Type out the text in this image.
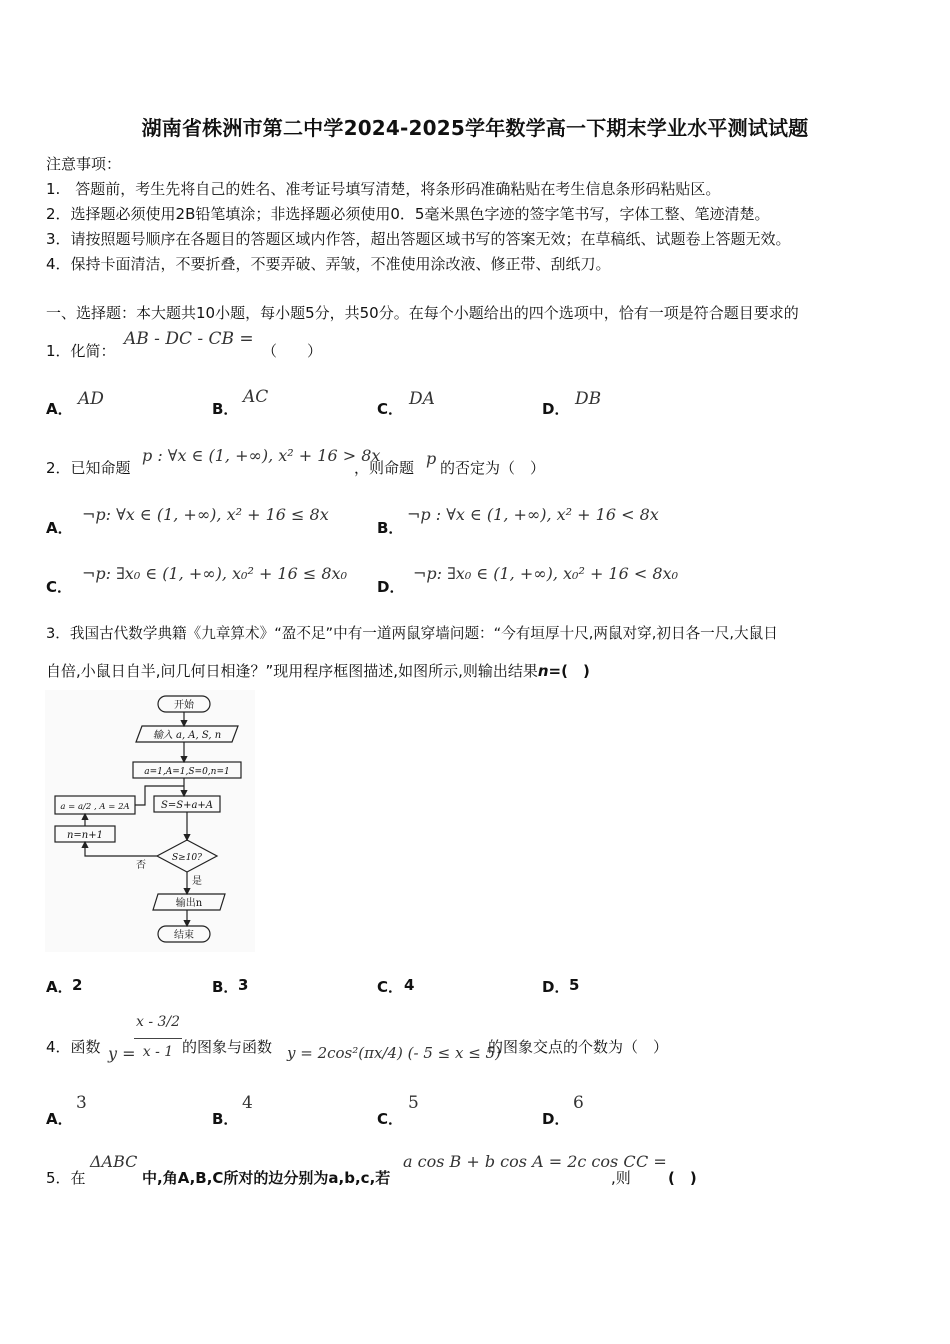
湖南省株洲市第二中学2024-2025学年数学高一下期末学业水平测试试题
注意事项：
1.　答题前，考生先将自己的姓名、准考证号填写清楚，将条形码准确粘贴在考生信息条形码粘贴区。
2．选择题必须使用2B铅笔填涂；非选择题必须使用0．5毫米黑色字迹的签字笔书写，字体工整、笔迹清楚。
3．请按照题号顺序在各题目的答题区域内作答，超出答题区域书写的答案无效；在草稿纸、试题卷上答题无效。
4．保持卡面清洁，不要折叠，不要弄破、弄皱，不准使用涂改液、修正带、刮纸刀。
一、选择题：本大题共10小题，每小题5分，共50分。在每个小题给出的四个选项中，恰有一项是符合题目要求的
1．化简：
AB - DC - CB =
（　　）
A． AD	B．
AC
C． DA	D． DB
2．已知命题
p : ∀x ∈ (1, +∞), x² + 16 > 8x
，则命题 p 的否定为（　）
A．
¬p: ∀x ∈ (1, +∞), x² + 16 ≤ 8x
B．
¬p : ∀x ∈ (1, +∞), x² + 16 < 8x
C．
¬p: ∃x₀ ∈ (1, +∞), x₀² + 16 ≤ 8x₀
D．
¬p: ∃x₀ ∈ (1, +∞), x₀² + 16 < 8x₀
3．我国古代数学典籍《九章算术》“盈不足”中有一道两鼠穿墙问题：“今有垣厚十尺,两鼠对穿,初日各一尺,大鼠日
自倍,小鼠日自半,问几何日相逢？”现用程序框图描述,如图所示,则输出结果n=(　)
开始
输入 a, A, S, n
a=1,A=1,S=0,n=1
S=S+a+A
a = a/2 , A = 2A
n=n+1
S≥10?
否
是
输出n
结束
A． 2	B． 3	C． 4	D． 5
4．函数 y =
$\frac{x - 3/2}{x - 1}$ 的图象与函数 y = 2cos²(πx/4) (- 5 ≤ x ≤ 5)
的图象交点的个数为（　）
A．
3
B．
4
C．
5
D．
6
5．在
ΔABC
中,角A,B,C所对的边分别为a,b,c,若
a cos B + b cos A = 2c cos C
,则
C =
(　)
